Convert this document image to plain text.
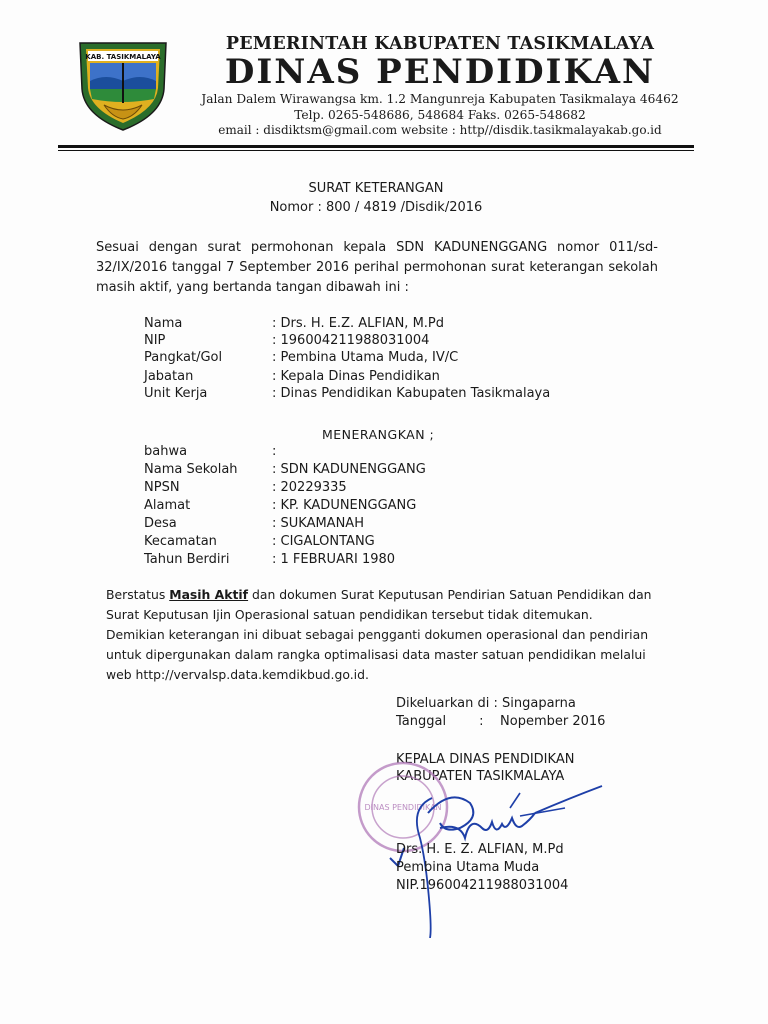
KAB. TASIKMALAYA
PEMERINTAH KABUPATEN TASIKMALAYA
DINAS PENDIDIKAN
Jalan Dalem Wirawangsa km. 1.2 Mangunreja Kabupaten Tasikmalaya 46462
Telp. 0265-548686, 548684 Faks. 0265-548682
email : disdiktsm@gmail.com website : http//disdik.tasikmalayakab.go.id
SURAT KETERANGAN
Nomor : 800 / 4819 /Disdik/2016
Sesuai dengan surat permohonan kepala SDN KADUNENGGANG nomor 011/sd-32/IX/2016 tanggal 7 September 2016 perihal permohonan surat keterangan sekolah masih aktif, yang bertanda tangan dibawah ini :
Nama	: Drs. H. E.Z. ALFIAN, M.Pd
NIP	: 196004211988031004
Pangkat/Gol	: Pembina Utama Muda, IV/C
Jabatan	: Kepala Dinas Pendidikan
Unit Kerja	: Dinas Pendidikan Kabupaten Tasikmalaya
MENERANGKAN ;
bahwa	:
Nama Sekolah	: SDN KADUNENGGANG
NPSN	: 20229335
Alamat	: KP. KADUNENGGANG
Desa	: SUKAMANAH
Kecamatan	: CIGALONTANG
Tahun Berdiri	: 1 FEBRUARI 1980
Berstatus Masih Aktif dan dokumen Surat Keputusan Pendirian Satuan Pendidikan dan Surat Keputusan Ijin Operasional satuan pendidikan tersebut tidak ditemukan.
Demikian keterangan ini dibuat sebagai pengganti dokumen operasional dan pendirian untuk dipergunakan dalam rangka optimalisasi data master satuan pendidikan melalui web http://vervalsp.data.kemdikbud.go.id.
Dikeluarkan di : Singaparna
Tanggal        :    Nopember 2016
KEPALA DINAS PENDIDIKAN
KABUPATEN TASIKMALAYA
DINAS PENDIDIKAN
Drs. H. E. Z. ALFIAN, M.Pd
Pembina Utama Muda
NIP.196004211988031004
